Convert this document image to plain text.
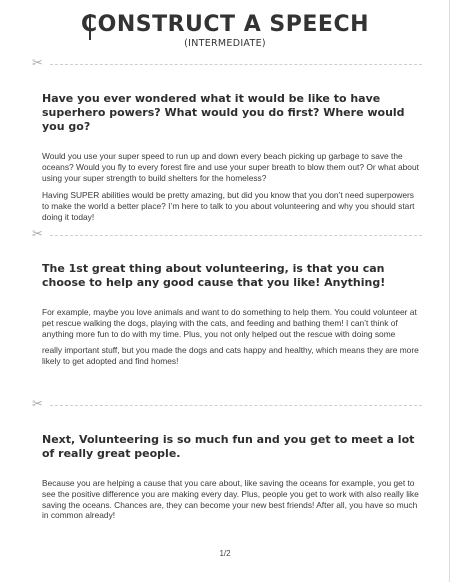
CONSTRUCT A SPEECH
(INTERMEDIATE)
✂

Have you ever wondered what it would be like to have superhero powers? What would you do first? Where would you go?

Would you use your super speed to run up and down every beach picking up garbage to save the oceans? Would you fly to every forest fire and use your super breath to blow them out? Or what about using your super strength to build shelters for the homeless?

Having SUPER abilities would be pretty amazing, but did you know that you don’t need superpowers to make the world a better place? I’m here to talk to you about volunteering and why you should start doing it today!

✂

The 1st great thing about volunteering, is that you can choose to help any good cause that you like! Anything!

For example, maybe you love animals and want to do something to help them. You could volunteer at pet rescue walking the dogs, playing with the cats, and feeding and bathing them! I can’t think of anything more fun to do with my time. Plus, you not only helped out the rescue with doing some

really important stuff, but you made the dogs and cats happy and healthy, which means they are more likely to get adopted and find homes!

✂

Next, Volunteering is so much fun and you get to meet a lot of really great people.

Because you are helping a cause that you care about, like saving the oceans for example, you get to see the positive difference you are making every day. Plus, people you get to work with also really like saving the oceans. Chances are, they can become your new best friends! After all, you have so much in common already!

1/2
